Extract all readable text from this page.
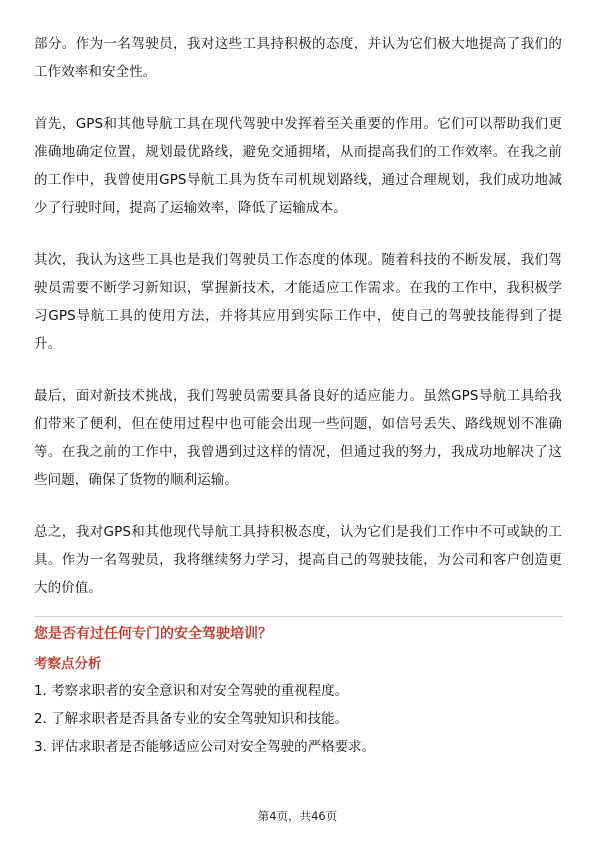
部分。作为一名驾驶员，我对这些工具持积极的态度，并认为它们极大地提高了我们的工作效率和安全性。

首先，GPS和其他导航工具在现代驾驶中发挥着至关重要的作用。它们可以帮助我们更准确地确定位置，规划最优路线，避免交通拥堵，从而提高我们的工作效率。在我之前的工作中，我曾使用GPS导航工具为货车司机规划路线，通过合理规划，我们成功地减少了行驶时间，提高了运输效率，降低了运输成本。

其次，我认为这些工具也是我们驾驶员工作态度的体现。随着科技的不断发展，我们驾驶员需要不断学习新知识，掌握新技术，才能适应工作需求。在我的工作中，我积极学习GPS导航工具的使用方法，并将其应用到实际工作中，使自己的驾驶技能得到了提升。

最后，面对新技术挑战，我们驾驶员需要具备良好的适应能力。虽然GPS导航工具给我们带来了便利，但在使用过程中也可能会出现一些问题，如信号丢失、路线规划不准确等。在我之前的工作中，我曾遇到过这样的情况，但通过我的努力，我成功地解决了这些问题，确保了货物的顺利运输。

总之，我对GPS和其他现代导航工具持积极态度，认为它们是我们工作中不可或缺的工具。作为一名驾驶员，我将继续努力学习，提高自己的驾驶技能，为公司和客户创造更大的价值。

您是否有过任何专门的安全驾驶培训？
考察点分析
1. 考察求职者的安全意识和对安全驾驶的重视程度。
2. 了解求职者是否具备专业的安全驾驶知识和技能。
3. 评估求职者是否能够适应公司对安全驾驶的严格要求。
第4页，共46页
